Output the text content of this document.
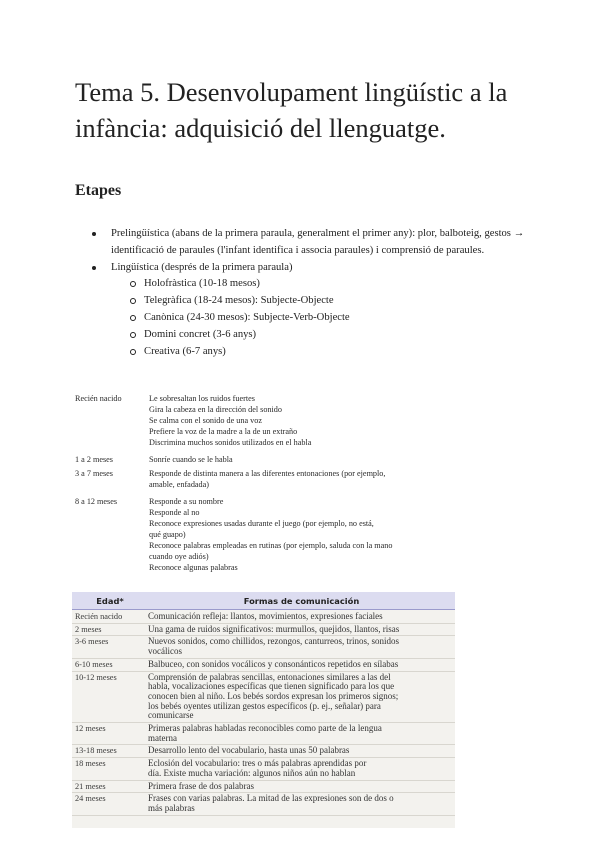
Tema 5. Desenvolupament lingüístic a la infància: adquisició del llenguatge.
Etapes
Prelingüística (abans de la primera paraula, generalment el primer any): plor, balboteig, gestos → identificació de paraules (l'infant identifica i associa paraules) i comprensió de paraules.
Lingüística (després de la primera paraula)
Holofràstica (10-18 mesos)
Telegràfica (18-24 mesos): Subjecte-Objecte
Canònica (24-30 mesos): Subjecte-Verb-Objecte
Domini concret (3-6 anys)
Creativa (6-7 anys)
Recién nacido	Le sobresaltan los ruidos fuertes
Gira la cabeza en la dirección del sonido
Se calma con el sonido de una voz
Prefiere la voz de la madre a la de un extraño
Discrimina muchos sonidos utilizados en el habla
1 a 2 meses	Sonríe cuando se le habla
3 a 7 meses	Responde de distinta manera a las diferentes entonaciones (por ejemplo,
amable, enfadada)
8 a 12 meses	Responde a su nombre
Responde al no
Reconoce expresiones usadas durante el juego (por ejemplo, no está,
qué guapo)
Reconoce palabras empleadas en rutinas (por ejemplo, saluda con la mano
cuando oye adiós)
Reconoce algunas palabras
Edad*	Formas de comunicación
Recién nacido	Comunicación refleja: llantos, movimientos, expresiones faciales
2 meses	Una gama de ruidos significativos: murmullos, quejidos, llantos, risas
3-6 meses	Nuevos sonidos, como chillidos, rezongos, canturreos, trinos, sonidos
vocálicos
6-10 meses	Balbuceo, con sonidos vocálicos y consonánticos repetidos en sílabas
10-12 meses	Comprensión de palabras sencillas, entonaciones similares a las del
habla, vocalizaciones específicas que tienen significado para los que
conocen bien al niño. Los bebés sordos expresan los primeros signos;
los bebés oyentes utilizan gestos específicos (p. ej., señalar) para
comunicarse
12 meses	Primeras palabras habladas reconocibles como parte de la lengua
materna
13-18 meses	Desarrollo lento del vocabulario, hasta unas 50 palabras
18 meses	Eclosión del vocabulario: tres o más palabras aprendidas por
día. Existe mucha variación: algunos niños aún no hablan
21 meses	Primera frase de dos palabras
24 meses	Frases con varias palabras. La mitad de las expresiones son de dos o
más palabras
